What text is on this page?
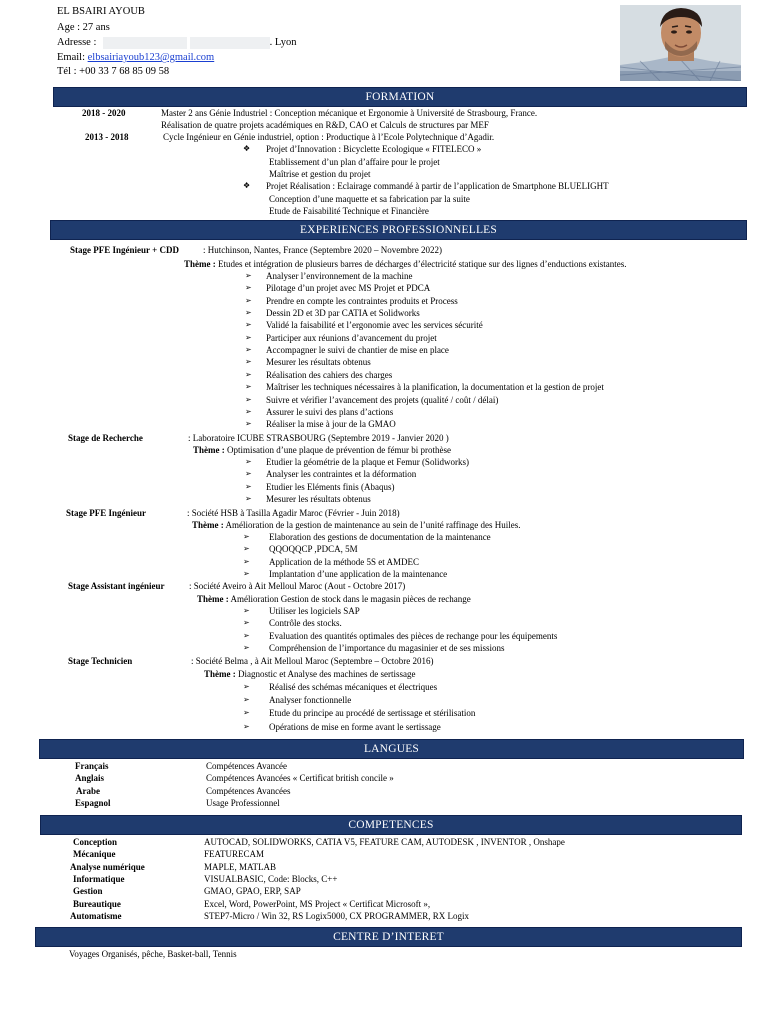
EL BSAIRI AYOUB
Age : 27 ans
Adresse :	. Lyon
Email: elbsairiayoub123@gmail.com
Tél : +00 33 7 68 85 09 58
FORMATION
2018 - 2020	Master 2 ans Génie Industriel : Conception mécanique et Ergonomie à Université de Strasbourg, France.
Réalisation de quatre projets académiques en R&D, CAO et Calculs de structures par MEF
2013 - 2018	Cycle Ingénieur en Génie industriel, option : Productique à l’Ecole Polytechnique d’Agadir.
❖ Projet d’Innovation : Bicyclette Ecologique « FITELECO »
Etablissement d’un plan d’affaire pour le projet
Maîtrise et gestion du projet
❖ Projet Réalisation : Eclairage commandé à partir de l’application de Smartphone BLUELIGHT
Conception d’une maquette et sa fabrication par la suite
Etude de Faisabilité Technique et Financière
EXPERIENCES PROFESSIONNELLES
Stage PFE Ingénieur + CDD	: Hutchinson, Nantes, France (Septembre 2020 – Novembre 2022)
Thème : Etudes et intégration de plusieurs barres de décharges d’électricité statique sur des lignes d’enductions existantes.
➢ Analyser l’environnement de la machine
➢ Pilotage d’un projet avec MS Projet et PDCA
➢ Prendre en compte les contraintes produits et Process
➢ Dessin 2D et 3D par CATIA et Solidworks
➢ Validé la faisabilité et l’ergonomie avec les services sécurité
➢ Participer aux réunions d’avancement du projet
➢ Accompagner le suivi de chantier de mise en place
➢ Mesurer les résultats obtenus
➢ Réalisation des cahiers des charges
➢ Maîtriser les techniques nécessaires à la planification, la documentation et la gestion de projet
➢ Suivre et vérifier l’avancement des projets (qualité / coût / délai)
➢ Assurer le suivi des plans d’actions
➢ Réaliser la mise à jour de la GMAO
Stage de Recherche	: Laboratoire ICUBE STRASBOURG (Septembre 2019 - Janvier 2020 )
Thème : Optimisation d’une plaque de prévention de fémur bi prothèse
➢ Etudier la géométrie de la plaque et Femur (Solidworks)
➢ Analyser les contraintes et la déformation
➢ Etudier les Eléments finis (Abaqus)
➢ Mesurer les résultats obtenus
Stage PFE Ingénieur	: Société HSB à Tasilla Agadir Maroc (Février - Juin 2018)
Thème : Amélioration de la gestion de maintenance au sein de l’unité raffinage des Huiles.
➢ Elaboration des gestions de documentation de la maintenance
➢ QQOQQCP ,PDCA, 5M
➢ Application de la méthode 5S et AMDEC
➢ Implantation d’une application de la maintenance
Stage Assistant ingénieur	: Société Aveiro à Ait Melloul Maroc (Aout - Octobre 2017)
Thème : Amélioration Gestion de stock dans le magasin pièces de rechange
➢ Utiliser les logiciels SAP
➢ Contrôle des stocks.
➢ Evaluation des quantités optimales des pièces de rechange pour les équipements
➢ Compréhension de l’importance du magasinier et de ses missions
Stage Technicien	: Société Belma , à Ait Melloul Maroc (Septembre – Octobre 2016)
Thème : Diagnostic et Analyse des machines de sertissage
➢ Réalisé des schémas mécaniques et électriques
➢ Analyser fonctionnelle
➢ Etude du principe au procédé de sertissage et stérilisation
➢ Opérations de mise en forme avant le sertissage
LANGUES
Français	Compétences Avancée
Anglais	Compétences Avancées « Certificat british concile »
Arabe	Compétences Avancées
Espagnol	Usage Professionnel
COMPETENCES
Conception	AUTOCAD, SOLIDWORKS, CATIA V5, FEATURE CAM, AUTODESK , INVENTOR , Onshape
Mécanique	FEATURECAM
Analyse numérique	MAPLE, MATLAB
Informatique	VISUALBASIC, Code: Blocks, C++
Gestion	GMAO, GPAO, ERP, SAP
Bureautique	Excel, Word, PowerPoint, MS Project « Certificat Microsoft »,
Automatisme	STEP7-Micro / Win 32, RS Logix5000, CX PROGRAMMER, RX Logix
CENTRE D’INTERET
Voyages Organisés, pêche, Basket-ball, Tennis
